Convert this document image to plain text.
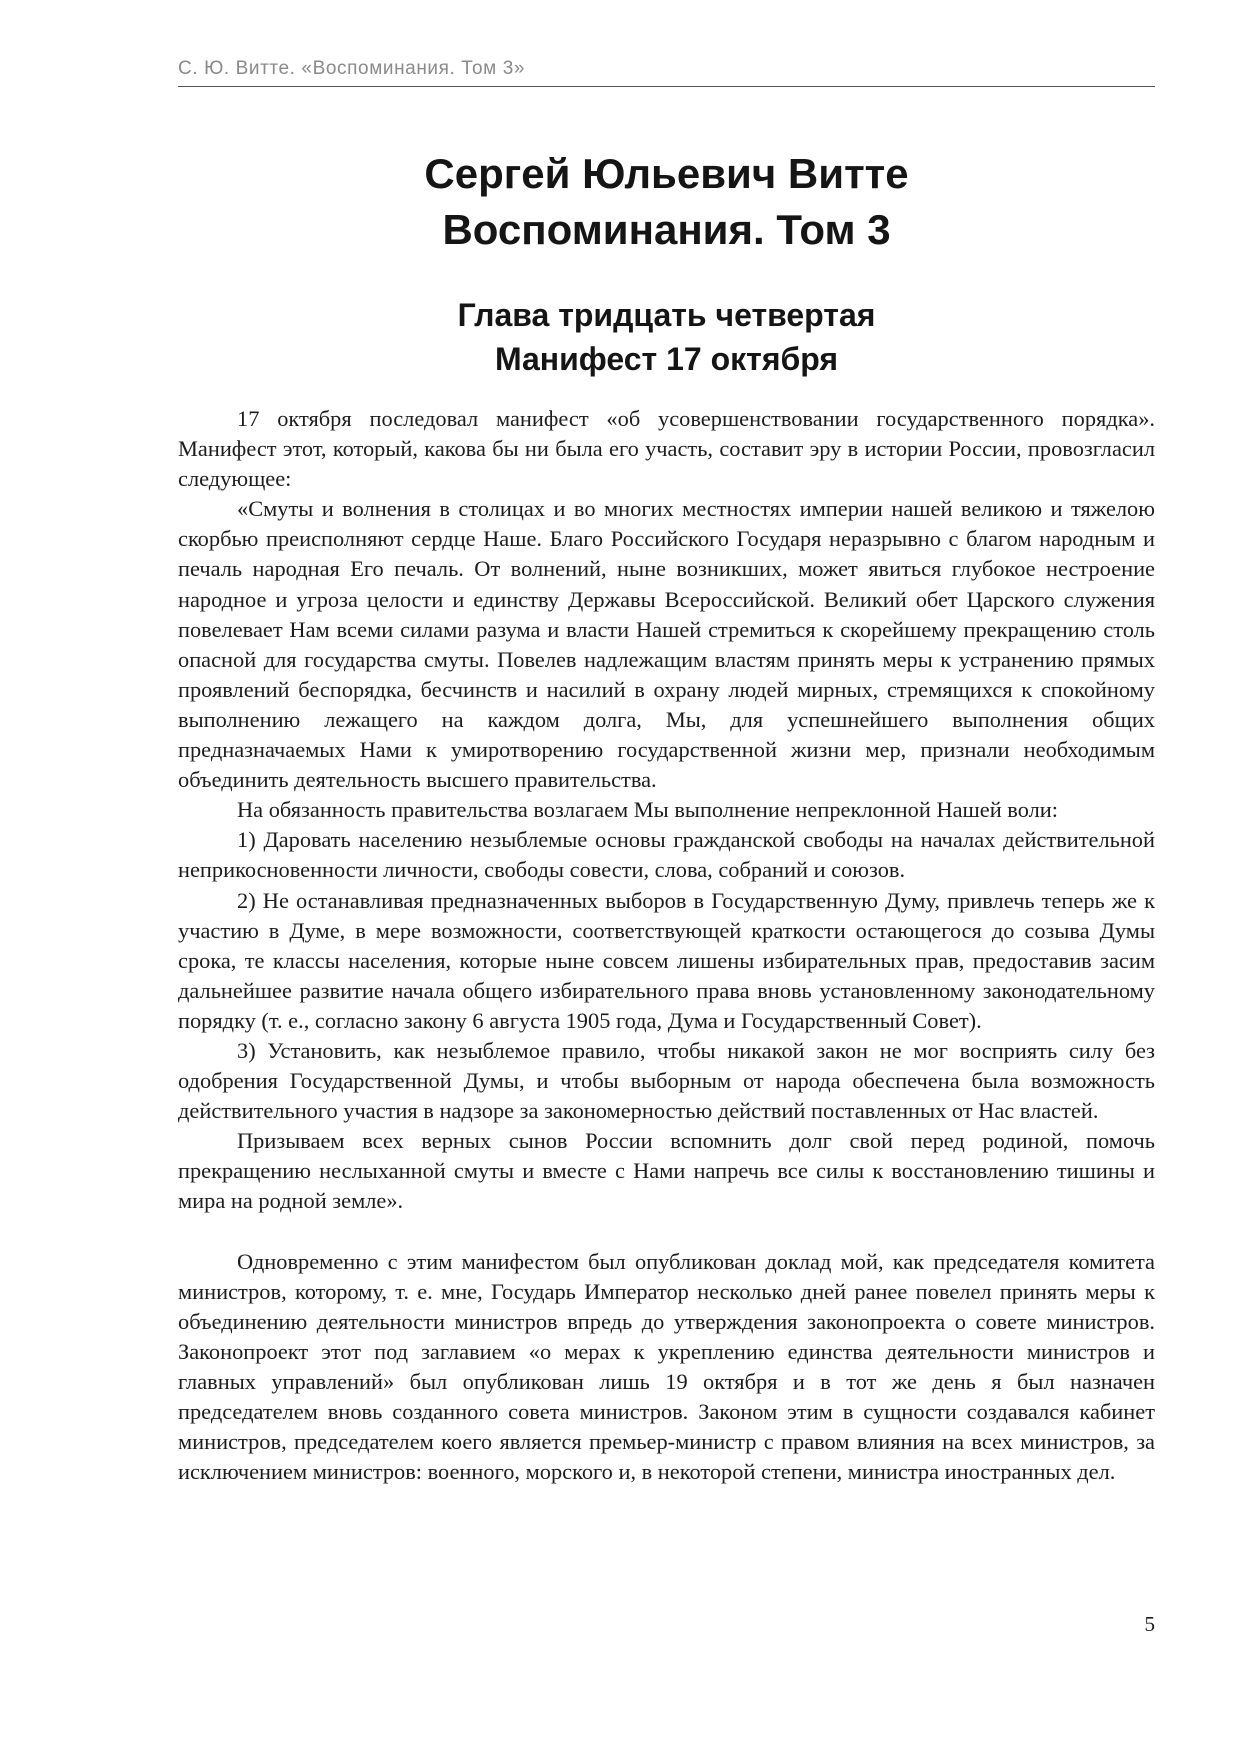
С. Ю. Витте. «Воспоминания. Том 3»
Сергей Юльевич Витте
Воспоминания. Том 3
Глава тридцать четвертая
Манифест 17 октября

17 октября последовал манифест «об усовершенствовании государственного порядка». Манифест этот, который, какова бы ни была его участь, составит эру в истории России, провозгласил следующее:

«Смуты и волнения в столицах и во многих местностях империи нашей великою и тяжелою скорбью преисполняют сердце Наше. Благо Российского Государя неразрывно с благом народным и печаль народная Его печаль. От волнений, ныне возникших, может явиться глубокое нестроение народное и угроза целости и единству Державы Всероссийской. Великий обет Царского служения повелевает Нам всеми силами разума и власти Нашей стремиться к скорейшему прекращению столь опасной для государства смуты. Повелев надлежащим властям принять меры к устранению прямых проявлений беспорядка, бесчинств и насилий в охрану людей мирных, стремящихся к спокойному выполнению лежащего на каждом долга, Мы, для успешнейшего выполнения общих предназначаемых Нами к умиротворению государственной жизни мер, признали необходимым объединить деятельность высшего правительства.

На обязанность правительства возлагаем Мы выполнение непреклонной Нашей воли:

1) Даровать населению незыблемые основы гражданской свободы на началах действительной неприкосновенности личности, свободы совести, слова, собраний и союзов.

2) Не останавливая предназначенных выборов в Государственную Думу, привлечь теперь же к участию в Думе, в мере возможности, соответствующей краткости остающегося до созыва Думы срока, те классы населения, которые ныне совсем лишены избирательных прав, предоставив засим дальнейшее развитие начала общего избирательного права вновь установленному законодательному порядку (т. е., согласно закону 6 августа 1905 года, Дума и Государственный Совет).

3) Установить, как незыблемое правило, чтобы никакой закон не мог восприять силу без одобрения Государственной Думы, и чтобы выборным от народа обеспечена была возможность действительного участия в надзоре за закономерностью действий поставленных от Нас властей.

Призываем всех верных сынов России вспомнить долг свой перед родиной, помочь прекращению неслыханной смуты и вместе с Нами напречь все силы к восстановлению тишины и мира на родной земле».

Одновременно с этим манифестом был опубликован доклад мой, как председателя комитета министров, которому, т. е. мне, Государь Император несколько дней ранее повелел принять меры к объединению деятельности министров впредь до утверждения законопроекта о совете министров. Законопроект этот под заглавием «о мерах к укреплению единства деятельности министров и главных управлений» был опубликован лишь 19 октября и в тот же день я был назначен председателем вновь созданного совета министров. Законом этим в сущности создавался кабинет министров, председателем коего является премьер-министр с правом влияния на всех министров, за исключением министров: военного, морского и, в некоторой степени, министра иностранных дел.

5
